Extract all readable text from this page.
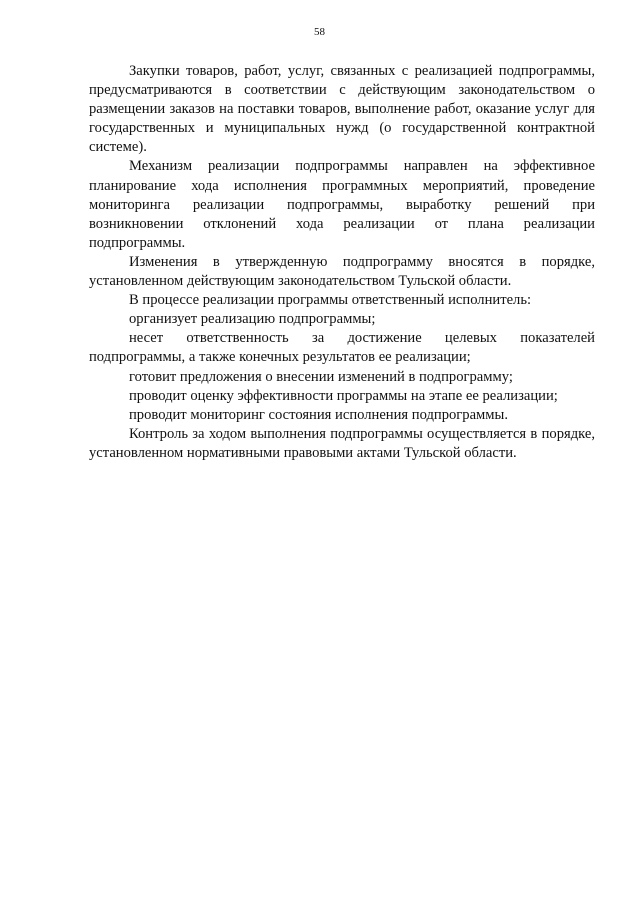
58

Закупки товаров, работ, услуг, связанных с реализацией подпрограммы, предусматриваются в соответствии с действующим законодательством о размещении заказов на поставки товаров, выполнение работ, оказание услуг для государственных и муниципальных нужд (о государственной контрактной системе).

Механизм реализации подпрограммы направлен на эффективное планирование хода исполнения программных мероприятий, проведение мониторинга реализации подпрограммы, выработку решений при возникновении отклонений хода реализации от плана реализации подпрограммы.

Изменения в утвержденную подпрограмму вносятся в порядке, установленном действующим законодательством Тульской области.

В процессе реализации программы ответственный исполнитель:

организует реализацию подпрограммы;

несет ответственность за достижение целевых показателей подпрограммы, а также конечных результатов ее реализации;

готовит предложения о внесении изменений в подпрограмму;

проводит оценку эффективности программы на этапе ее реализации;

проводит мониторинг состояния исполнения подпрограммы.

Контроль за ходом выполнения подпрограммы осуществляется в порядке, установленном нормативными правовыми актами Тульской области.
